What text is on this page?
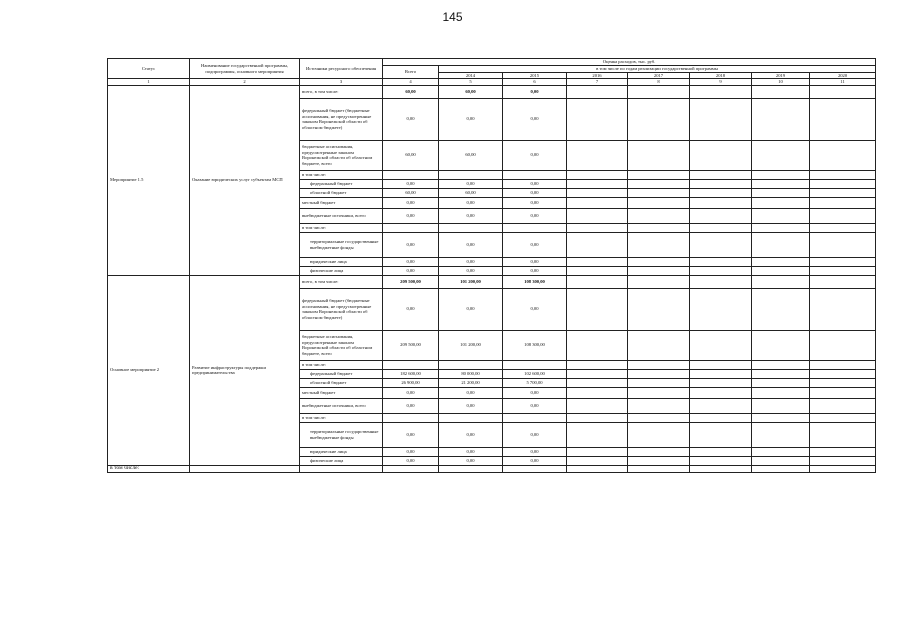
145
Статус	Наименование государственной программы, подпрограммы, основного мероприятия	Источники ресурсного обеспечения	Оценка расходов, тыс. руб.							
			Всего	в том числе по годам реализации государственной программы						
				2014	2015	2016	2017	2018	2019	2020
1	2	3	4	5	6	7	8	9	10	11
Мероприятие 1.5	Оказание юридических услуг субъектам МСП	всего, в том числе:	60,00	60,00	0,00					
		федеральный бюджет (бюджетные ассигнования, не предусмотренные законом Воронежской области об областном бюджете)	0,00	0,00	0,00					
		бюджетные ассигнования, предусмотренные законом Воронежской области об областном бюджете, всего	60,00	60,00	0,00					
		в том числе:								
		федеральный бюджет	0,00	0,00	0,00					
		областной бюджет	60,00	60,00	0,00					
		местный бюджет	0,00	0,00	0,00					
		внебюджетные источники, всего	0,00	0,00	0,00					
		в том числе:								
		территориальные государственные внебюджетные фонды	0,00	0,00	0,00					
		юридические лица	0,00	0,00	0,00					
		физические лица	0,00	0,00	0,00					
Основное мероприятие 2	Развитие инфраструктуры поддержки предпринимательства	всего, в том числе:	209 500,00	101 200,00	108 300,00					
		федеральный бюджет (бюджетные ассигнования, не предусмотренные законом Воронежской области об областном бюджете)	0,00	0,00	0,00					
		бюджетные ассигнования, предусмотренные законом Воронежской области об областном бюджете, всего	209 500,00	101 200,00	108 300,00					
		в том числе:								
		федеральный бюджет	182 600,00	80 000,00	102 600,00					
		областной бюджет	26 900,00	21 200,00	5 700,00					
		местный бюджет	0,00	0,00	0,00					
		внебюджетные источники, всего	0,00	0,00	0,00					
		в том числе:								
		территориальные государственные внебюджетные фонды	0,00	0,00	0,00					
		юридические лица	0,00	0,00	0,00					
		физические лица	0,00	0,00	0,00					
в том числе:										
